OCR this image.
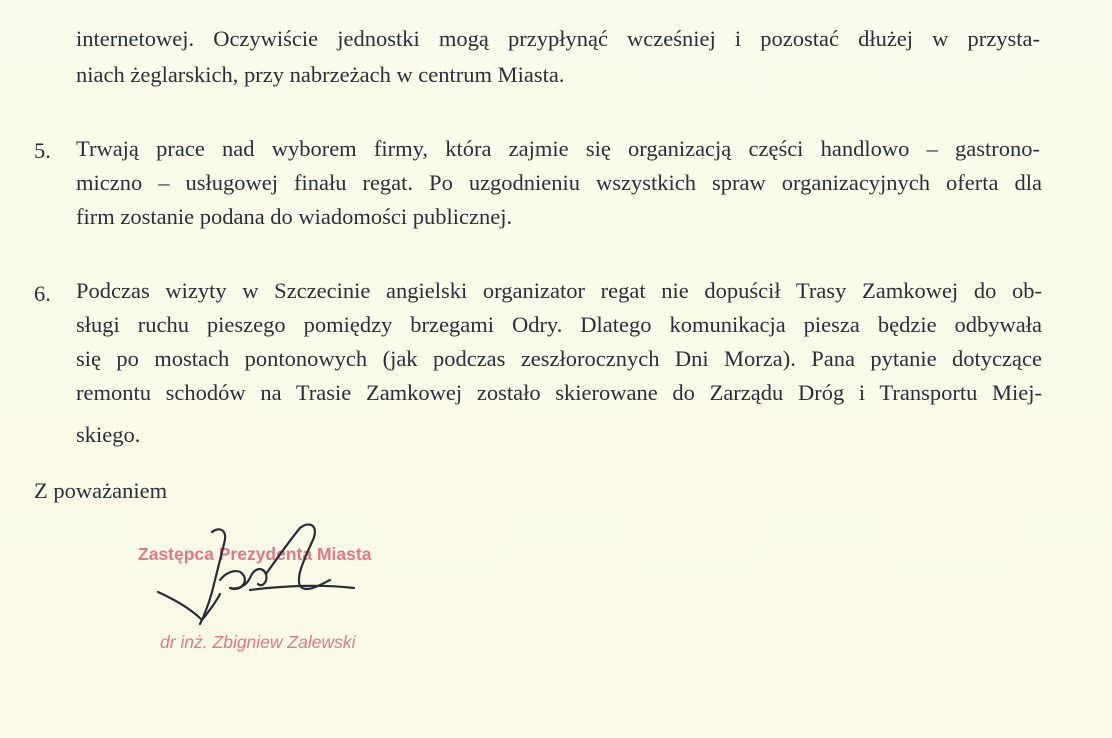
internetowej. Oczywiście jednostki mogą przypłynąć wcześniej i pozostać dłużej w przysta-
niach żeglarskich, przy nabrzeżach w centrum Miasta.
5. Trwają prace nad wyborem firmy, która zajmie się organizacją części handlowo – gastrono-
miczno – usługowej finału regat. Po uzgodnieniu wszystkich spraw organizacyjnych oferta dla
firm zostanie podana do wiadomości publicznej.
6. Podczas wizyty w Szczecinie angielski organizator regat nie dopuścił Trasy Zamkowej do ob-
sługi ruchu pieszego pomiędzy brzegami Odry. Dlatego komunikacja piesza będzie odbywała
się po mostach pontonowych (jak podczas zeszłorocznych Dni Morza). Pana pytanie dotyczące
remontu schodów na Trasie Zamkowej zostało skierowane do Zarządu Dróg i Transportu Miej-
skiego.
Z poważaniem
Zastępca Prezydenta Miasta
dr inż. Zbigniew Zalewski
